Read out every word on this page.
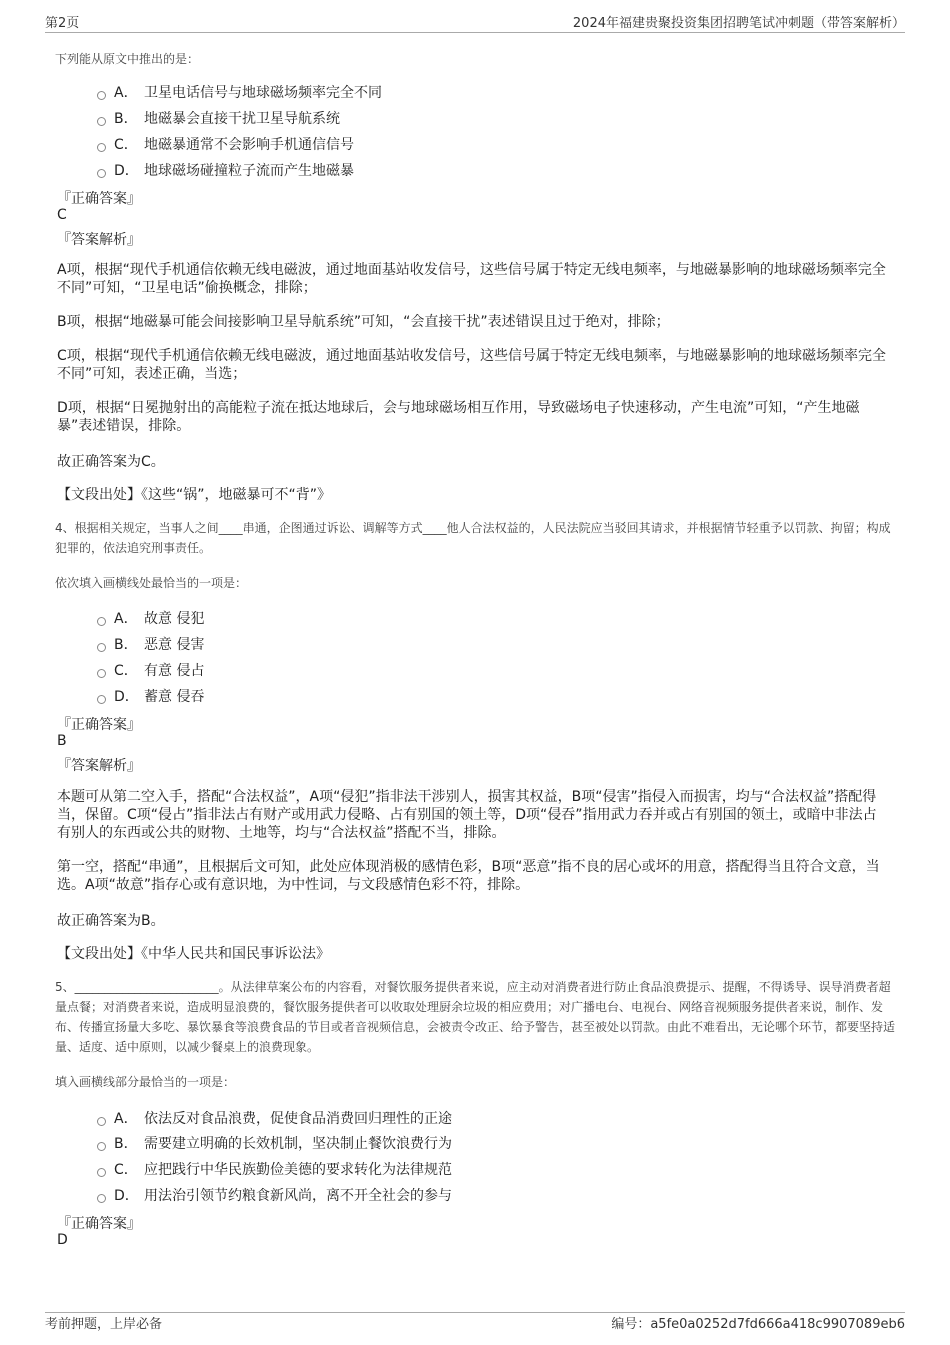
第2页	2024年福建贵聚投资集团招聘笔试冲刺题（带答案解析）
下列能从原文中推出的是：
A． 卫星电话信号与地球磁场频率完全不同
B． 地磁暴会直接干扰卫星导航系统
C． 地磁暴通常不会影响手机通信信号
D． 地球磁场碰撞粒子流而产生地磁暴
『正确答案』
C
『答案解析』
A项，根据“现代手机通信依赖无线电磁波，通过地面基站收发信号，这些信号属于特定无线电频率，与地磁暴影响的地球磁场频率完全不同”可知，“卫星电话”偷换概念，排除；
B项，根据“地磁暴可能会间接影响卫星导航系统”可知，“会直接干扰”表述错误且过于绝对，排除；
C项，根据“现代手机通信依赖无线电磁波，通过地面基站收发信号，这些信号属于特定无线电频率，与地磁暴影响的地球磁场频率完全不同”可知，表述正确，当选；
D项，根据“日冕抛射出的高能粒子流在抵达地球后，会与地球磁场相互作用，导致磁场电子快速移动，产生电流”可知，“产生地磁暴”表述错误，排除。
故正确答案为C。
【文段出处】《这些“锅”，地磁暴可不“背”》
4、根据相关规定，当事人之间____串通，企图通过诉讼、调解等方式____他人合法权益的，人民法院应当驳回其请求，并根据情节轻重予以罚款、拘留；构成犯罪的，依法追究刑事责任。
依次填入画横线处最恰当的一项是：
A． 故意 侵犯
B． 恶意 侵害
C． 有意 侵占
D． 蓄意 侵吞
『正确答案』
B
『答案解析』
本题可从第二空入手，搭配“合法权益”，A项“侵犯”指非法干涉别人，损害其权益，B项“侵害”指侵入而损害，均与“合法权益”搭配得当，保留。C项“侵占”指非法占有财产或用武力侵略、占有别国的领土等，D项“侵吞”指用武力吞并或占有别国的领土，或暗中非法占有别人的东西或公共的财物、土地等，均与“合法权益”搭配不当，排除。
第一空，搭配“串通”，且根据后文可知，此处应体现消极的感情色彩，B项“恶意”指不良的居心或坏的用意，搭配得当且符合文意，当选。A项“故意”指存心或有意识地，为中性词，与文段感情色彩不符，排除。
故正确答案为B。
【文段出处】《中华人民共和国民事诉讼法》
5、________________________。从法律草案公布的内容看，对餐饮服务提供者来说，应主动对消费者进行防止食品浪费提示、提醒，不得诱导、误导消费者超量点餐；对消费者来说，造成明显浪费的，餐饮服务提供者可以收取处理厨余垃圾的相应费用；对广播电台、电视台、网络音视频服务提供者来说，制作、发布、传播宣扬量大多吃、暴饮暴食等浪费食品的节目或者音视频信息，会被责令改正、给予警告，甚至被处以罚款。由此不难看出，无论哪个环节，都要坚持适量、适度、适中原则，以减少餐桌上的浪费现象。
填入画横线部分最恰当的一项是：
A． 依法反对食品浪费，促使食品消费回归理性的正途
B． 需要建立明确的长效机制，坚决制止餐饮浪费行为
C． 应把践行中华民族勤俭美德的要求转化为法律规范
D． 用法治引领节约粮食新风尚，离不开全社会的参与
『正确答案』
D
考前押题，上岸必备	编号：a5fe0a0252d7fd666a418c9907089eb6
